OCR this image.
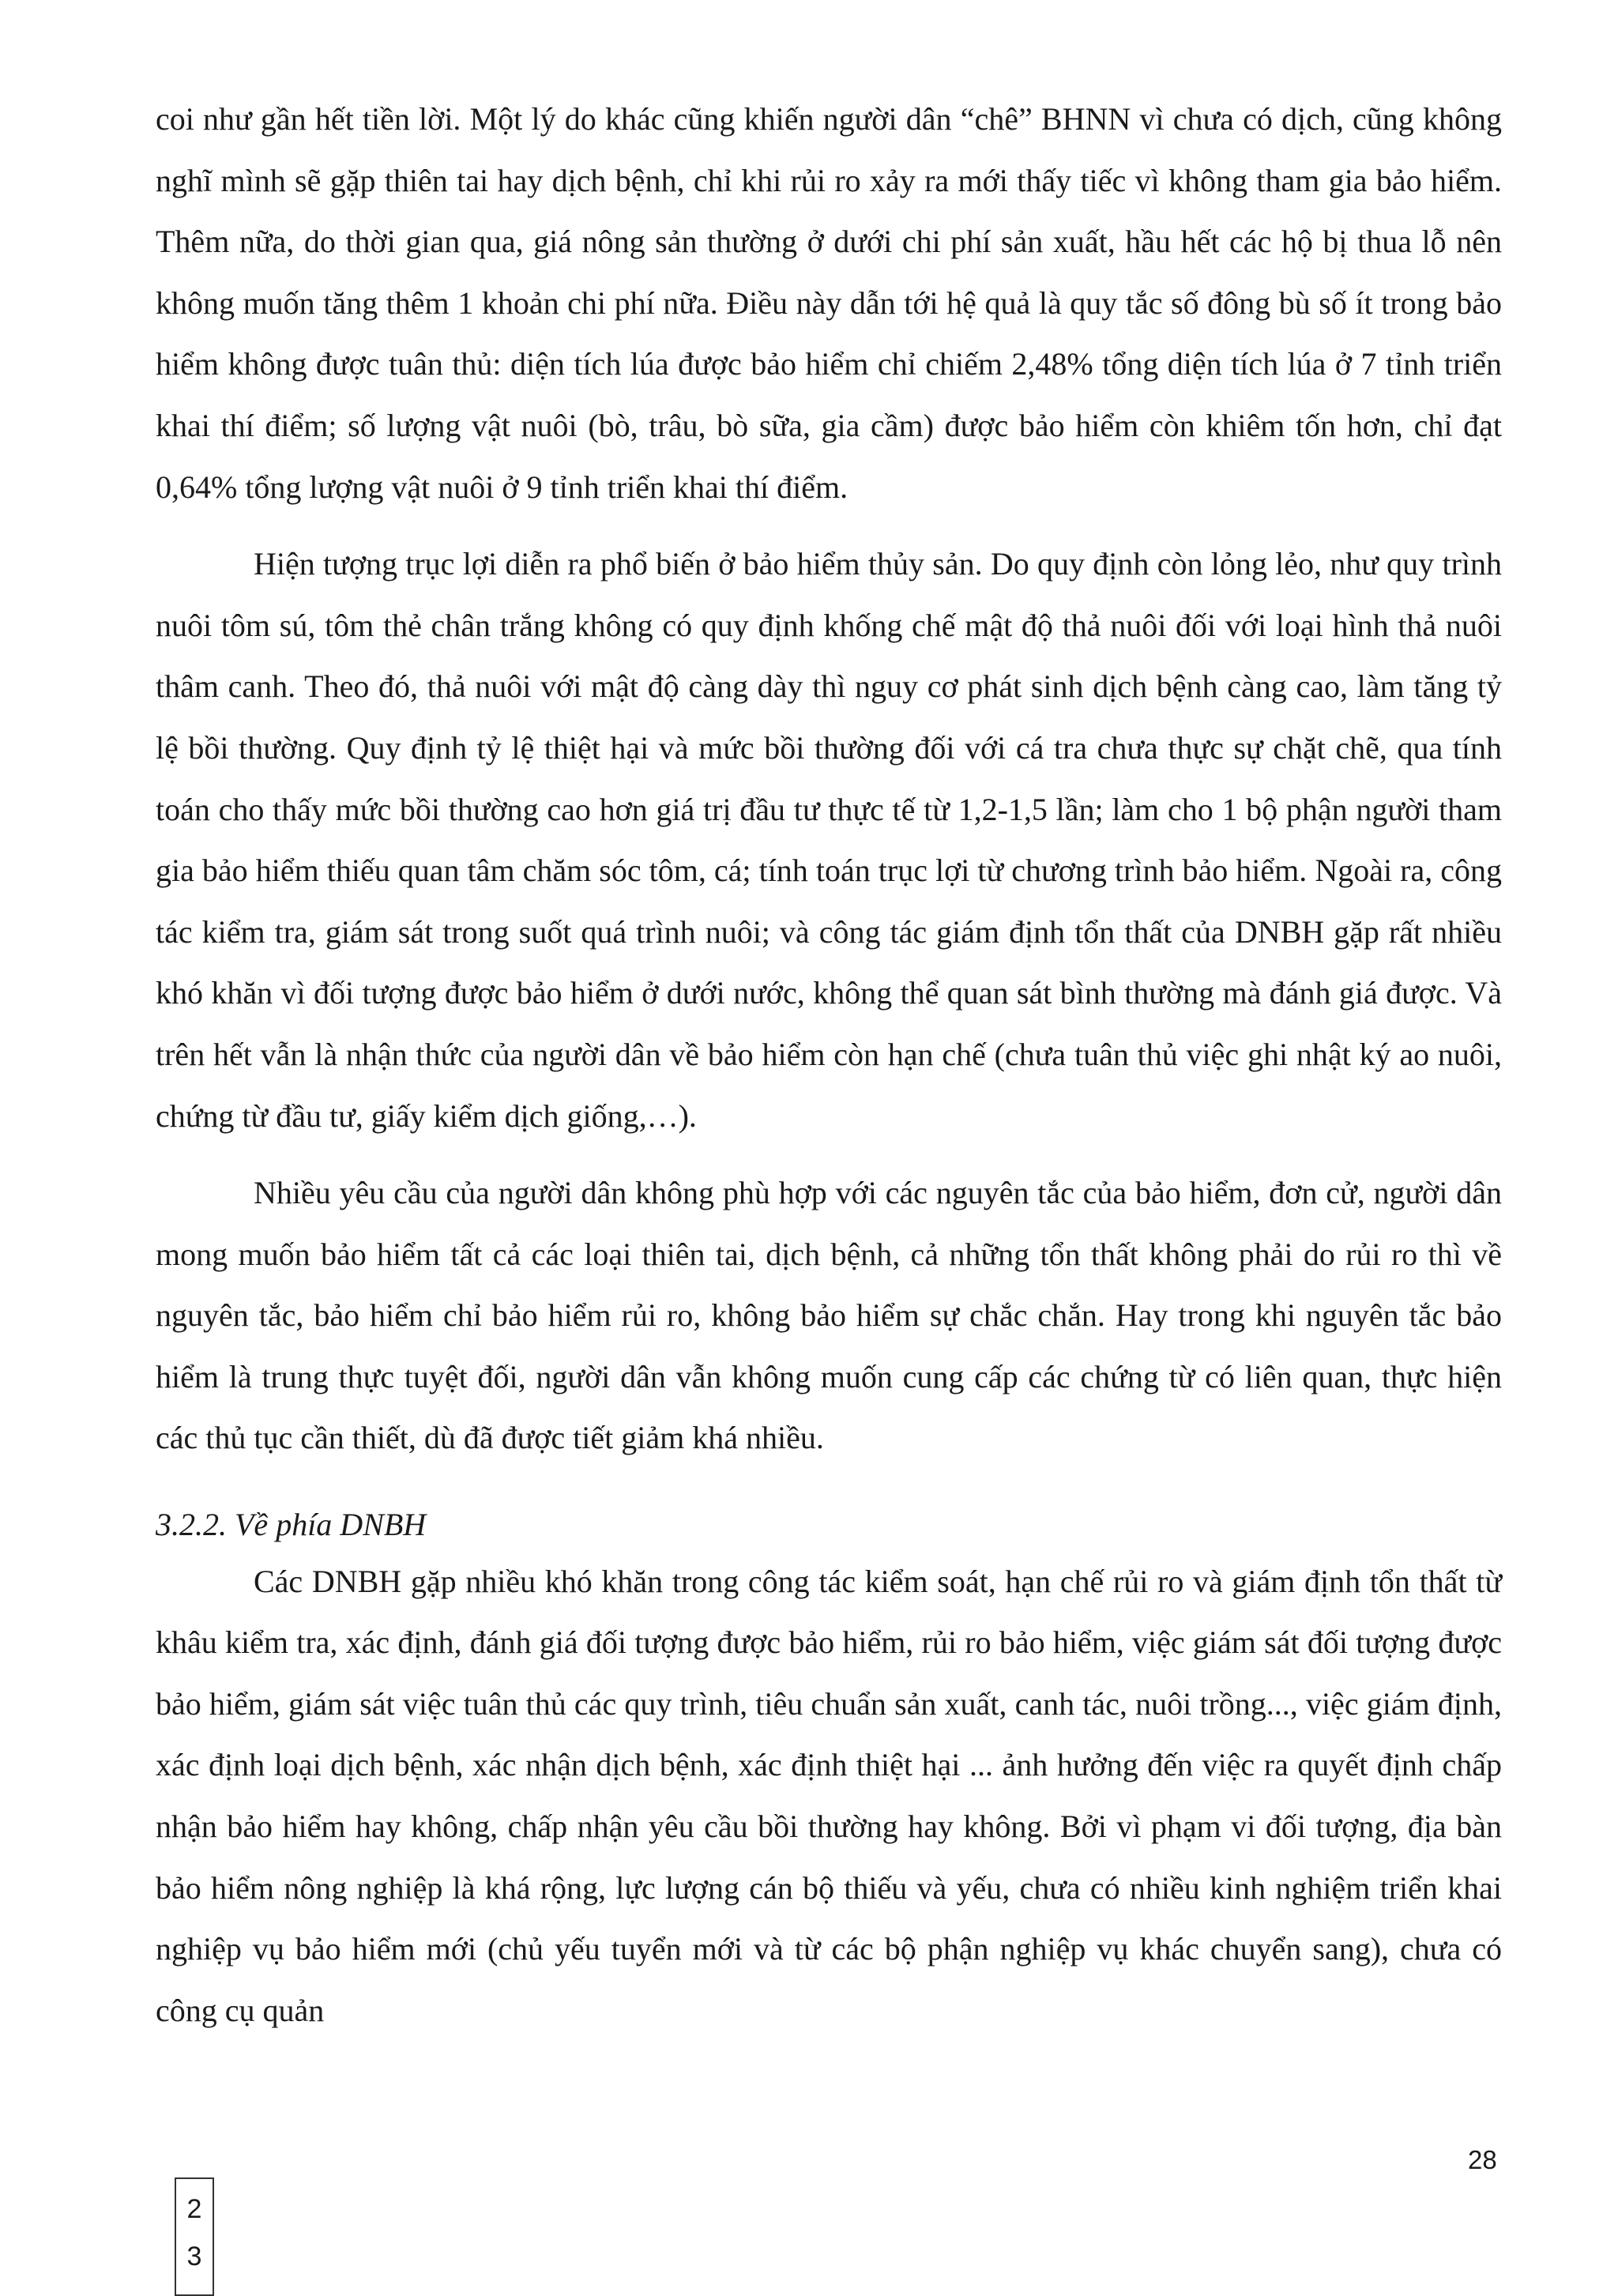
coi như gần hết tiền lời. Một lý do khác cũng khiến người dân “chê” BHNN vì chưa có dịch, cũng không nghĩ mình sẽ gặp thiên tai hay dịch bệnh, chỉ khi rủi ro xảy ra mới thấy tiếc vì không tham gia bảo hiểm. Thêm nữa, do thời gian qua, giá nông sản thường ở dưới chi phí sản xuất, hầu hết các hộ bị thua lỗ nên không muốn tăng thêm 1 khoản chi phí nữa. Điều này dẫn tới hệ quả là quy tắc số đông bù số ít trong bảo hiểm không được tuân thủ: diện tích lúa được bảo hiểm chỉ chiếm 2,48% tổng diện tích lúa ở 7 tỉnh triển khai thí điểm; số lượng vật nuôi (bò, trâu, bò sữa, gia cầm) được bảo hiểm còn khiêm tốn hơn, chỉ đạt 0,64% tổng lượng vật nuôi ở 9 tỉnh triển khai thí điểm.

Hiện tượng trục lợi diễn ra phổ biến ở bảo hiểm thủy sản. Do quy định còn lỏng lẻo, như quy trình nuôi tôm sú, tôm thẻ chân trắng không có quy định khống chế mật độ thả nuôi đối với loại hình thả nuôi thâm canh. Theo đó, thả nuôi với mật độ càng dày thì nguy cơ phát sinh dịch bệnh càng cao, làm tăng tỷ lệ bồi thường. Quy định tỷ lệ thiệt hại và mức bồi thường đối với cá tra chưa thực sự chặt chẽ, qua tính toán cho thấy mức bồi thường cao hơn giá trị đầu tư thực tế từ 1,2-1,5 lần; làm cho 1 bộ phận người tham gia bảo hiểm thiếu quan tâm chăm sóc tôm, cá; tính toán trục lợi từ chương trình bảo hiểm. Ngoài ra, công tác kiểm tra, giám sát trong suốt quá trình nuôi; và công tác giám định tổn thất của DNBH gặp rất nhiều khó khăn vì đối tượng được bảo hiểm ở dưới nước, không thể quan sát bình thường mà đánh giá được. Và trên hết vẫn là nhận thức của người dân về bảo hiểm còn hạn chế (chưa tuân thủ việc ghi nhật ký ao nuôi, chứng từ đầu tư, giấy kiểm dịch giống,…).

Nhiều yêu cầu của người dân không phù hợp với các nguyên tắc của bảo hiểm, đơn cử, người dân mong muốn bảo hiểm tất cả các loại thiên tai, dịch bệnh, cả những tổn thất không phải do rủi ro thì về nguyên tắc, bảo hiểm chỉ bảo hiểm rủi ro, không bảo hiểm sự chắc chắn. Hay trong khi nguyên tắc bảo hiểm là trung thực tuyệt đối, người dân vẫn không muốn cung cấp các chứng từ có liên quan, thực hiện các thủ tục cần thiết, dù đã được tiết giảm khá nhiều.

3.2.2. Về phía DNBH

Các DNBH gặp nhiều khó khăn trong công tác kiểm soát, hạn chế rủi ro và giám định tổn thất từ khâu kiểm tra, xác định, đánh giá đối tượng được bảo hiểm, rủi ro bảo hiểm, việc giám sát đối tượng được bảo hiểm, giám sát việc tuân thủ các quy trình, tiêu chuẩn sản xuất, canh tác, nuôi trồng..., việc giám định, xác định loại dịch bệnh, xác nhận dịch bệnh, xác định thiệt hại ... ảnh hưởng đến việc ra quyết định chấp nhận bảo hiểm hay không, chấp nhận yêu cầu bồi thường hay không. Bởi vì phạm vi đối tượng, địa bàn bảo hiểm nông nghiệp là khá rộng, lực lượng cán bộ thiếu và yếu, chưa có nhiều kinh nghiệm triển khai nghiệp vụ bảo hiểm mới (chủ yếu tuyển mới và từ các bộ phận nghiệp vụ khác chuyển sang), chưa có công cụ quản

28
2
3
